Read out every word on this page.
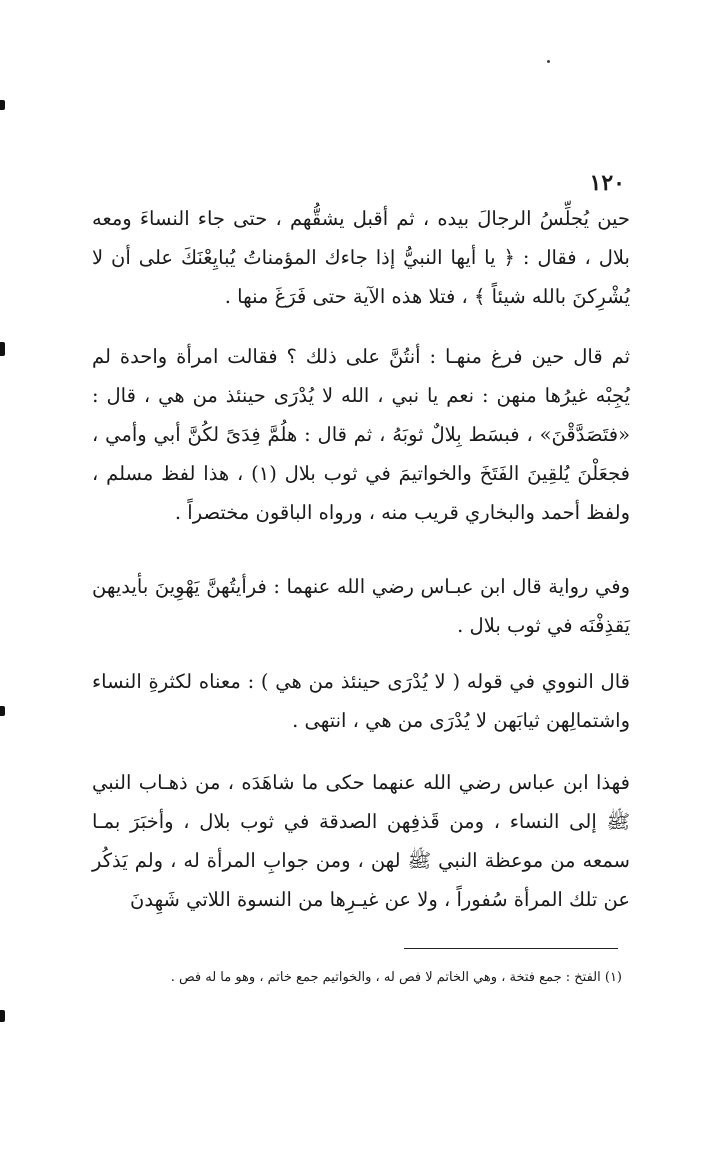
١٢٠
حين يُجلِّسُ الرجالَ بيده ، ثم أقبل يشقُّهم ، حتى جاء النساءَ ومعه بلال ، فقال : ﴿ يا أيها النبيُّ إذا جاءك المؤمناتُ يُبايِعْنَكَ على أن لا يُشْرِكنَ بالله شيئاً ﴾ ، فتلا هذه الآية حتى فَرَغَ منها .
ثم قال حين فرغ منهـا : أنتُنَّ على ذلك ؟ فقالت امرأة واحدة لم يُجِبْه غيرُها منهن : نعم يا نبي ، الله لا يُدْرَى حينئذ من هي ، قال : «فتَصَدَّقْنَ» ، فبسَط بِلالٌ ثوبَهُ ، ثم قال : هلُمَّ فِدَىً لكُنَّ أبي وأمي ، فجعَلْنَ يُلقِينَ الفَتَخَ والخواتيمَ في ثوب بلال (١) ، هذا لفظ مسلم ، ولفظ أحمد والبخاري قريب منه ، ورواه الباقون مختصراً .
وفي رواية قال ابن عبـاس رضي الله عنهما : فرأيتُهنَّ يَهْوِينَ بأيديهن يَقذِفْنَه في ثوب بلال .
قال النووي في قوله ( لا يُدْرَى حينئذ من هي ) : معناه لكثرةِ النساء واشتمالِهن ثيابَهن لا يُدْرَى من هي ، انتهى .
فهذا ابن عباس رضي الله عنهما حكى ما شاهَدَه ، من ذهـاب النبي ﷺ إلى النساء ، ومن قَذفِهن الصدقة في ثوب بلال ، وأخبَرَ بمـا سمعه من موعظة النبي ﷺ لهن ، ومن جوابِ المرأة له ، ولم يَذكُر عن تلك المرأة سُفوراً ، ولا عن غيـرِها من النسوة اللاتي شَهِدنَ
(١) الفتخ : جمع فتخة ، وهي الخاتم لا فص له ، والخواتيم جمع خاتم ، وهو ما له فص .
